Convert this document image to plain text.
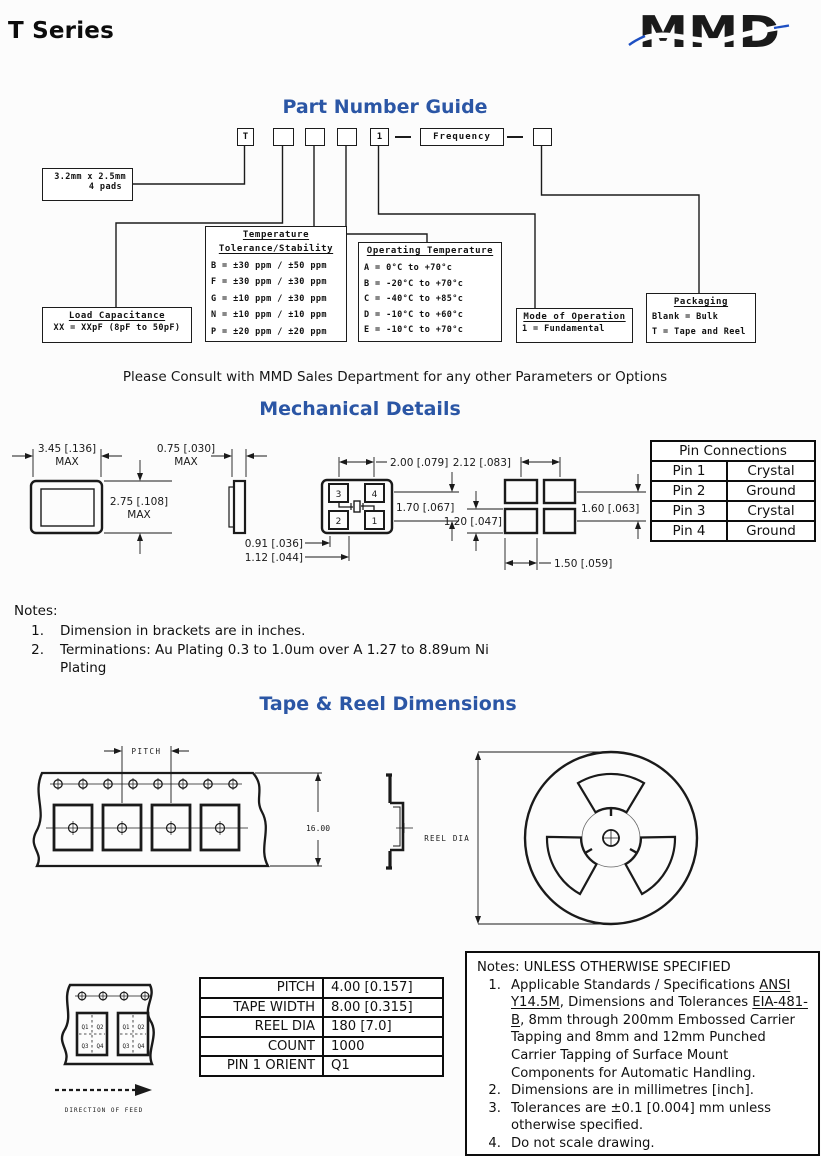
T Series	MMD
Part Number Guide
T	1	Frequency
3.2mm x 2.5mm
4 pads
Load Capacitance
XX = XXpF (8pF to 50pF)
Temperature
Tolerance/Stability
B = ±30 ppm / ±50 ppm
F = ±30 ppm / ±30 ppm
G = ±10 ppm / ±30 ppm
N = ±10 ppm / ±10 ppm
P = ±20 ppm / ±20 ppm
Operating Temperature
A = 0°C to +70°c
B = -20°C to +70°c
C = -40°C to +85°c
D = -10°C to +60°c
E = -10°C to +70°c
Mode of Operation
1 = Fundamental
Packaging
Blank = Bulk
T = Tape and Reel
Please Consult with MMD Sales Department for any other Parameters or Options
Mechanical Details
3.45 [.136]
MAX
2.75 [.108]
MAX
0.75 [.030]
MAX
3	4
2	1
2.00 [.079]
1.70 [.067]
0.91 [.036]
1.12 [.044]
2.12 [.083]
1.20 [.047]
1.60 [.063]
1.50 [.059]
Pin Connections	
Pin 1	Crystal
Pin 2	Ground
Pin 3	Crystal
Pin 4	Ground
Notes:
1. Dimension in brackets are in inches.
2. Terminations: Au Plating 0.3 to 1.0um over A 1.27 to 8.89um Ni Plating
Tape & Reel Dimensions
PITCH
16.00
REEL DIA
Q1 Q2
Q3 Q4
Q1 Q2
Q3 Q4
DIRECTION OF FEED
PITCH	4.00 [0.157]
TAPE WIDTH	8.00 [0.315]
REEL DIA	180 [7.0]
COUNT	1000
PIN 1 ORIENT	Q1
Notes: UNLESS OTHERWISE SPECIFIED
1. Applicable Standards / Specifications ANSI Y14.5M, Dimensions and Tolerances EIA-481-B, 8mm through 200mm Embossed Carrier Tapping and 8mm and 12mm Punched Carrier Tapping of Surface Mount Components for Automatic Handling.
2. Dimensions are in millimetres [inch].
3. Tolerances are ±0.1 [0.004] mm unless otherwise specified.
4. Do not scale drawing.
